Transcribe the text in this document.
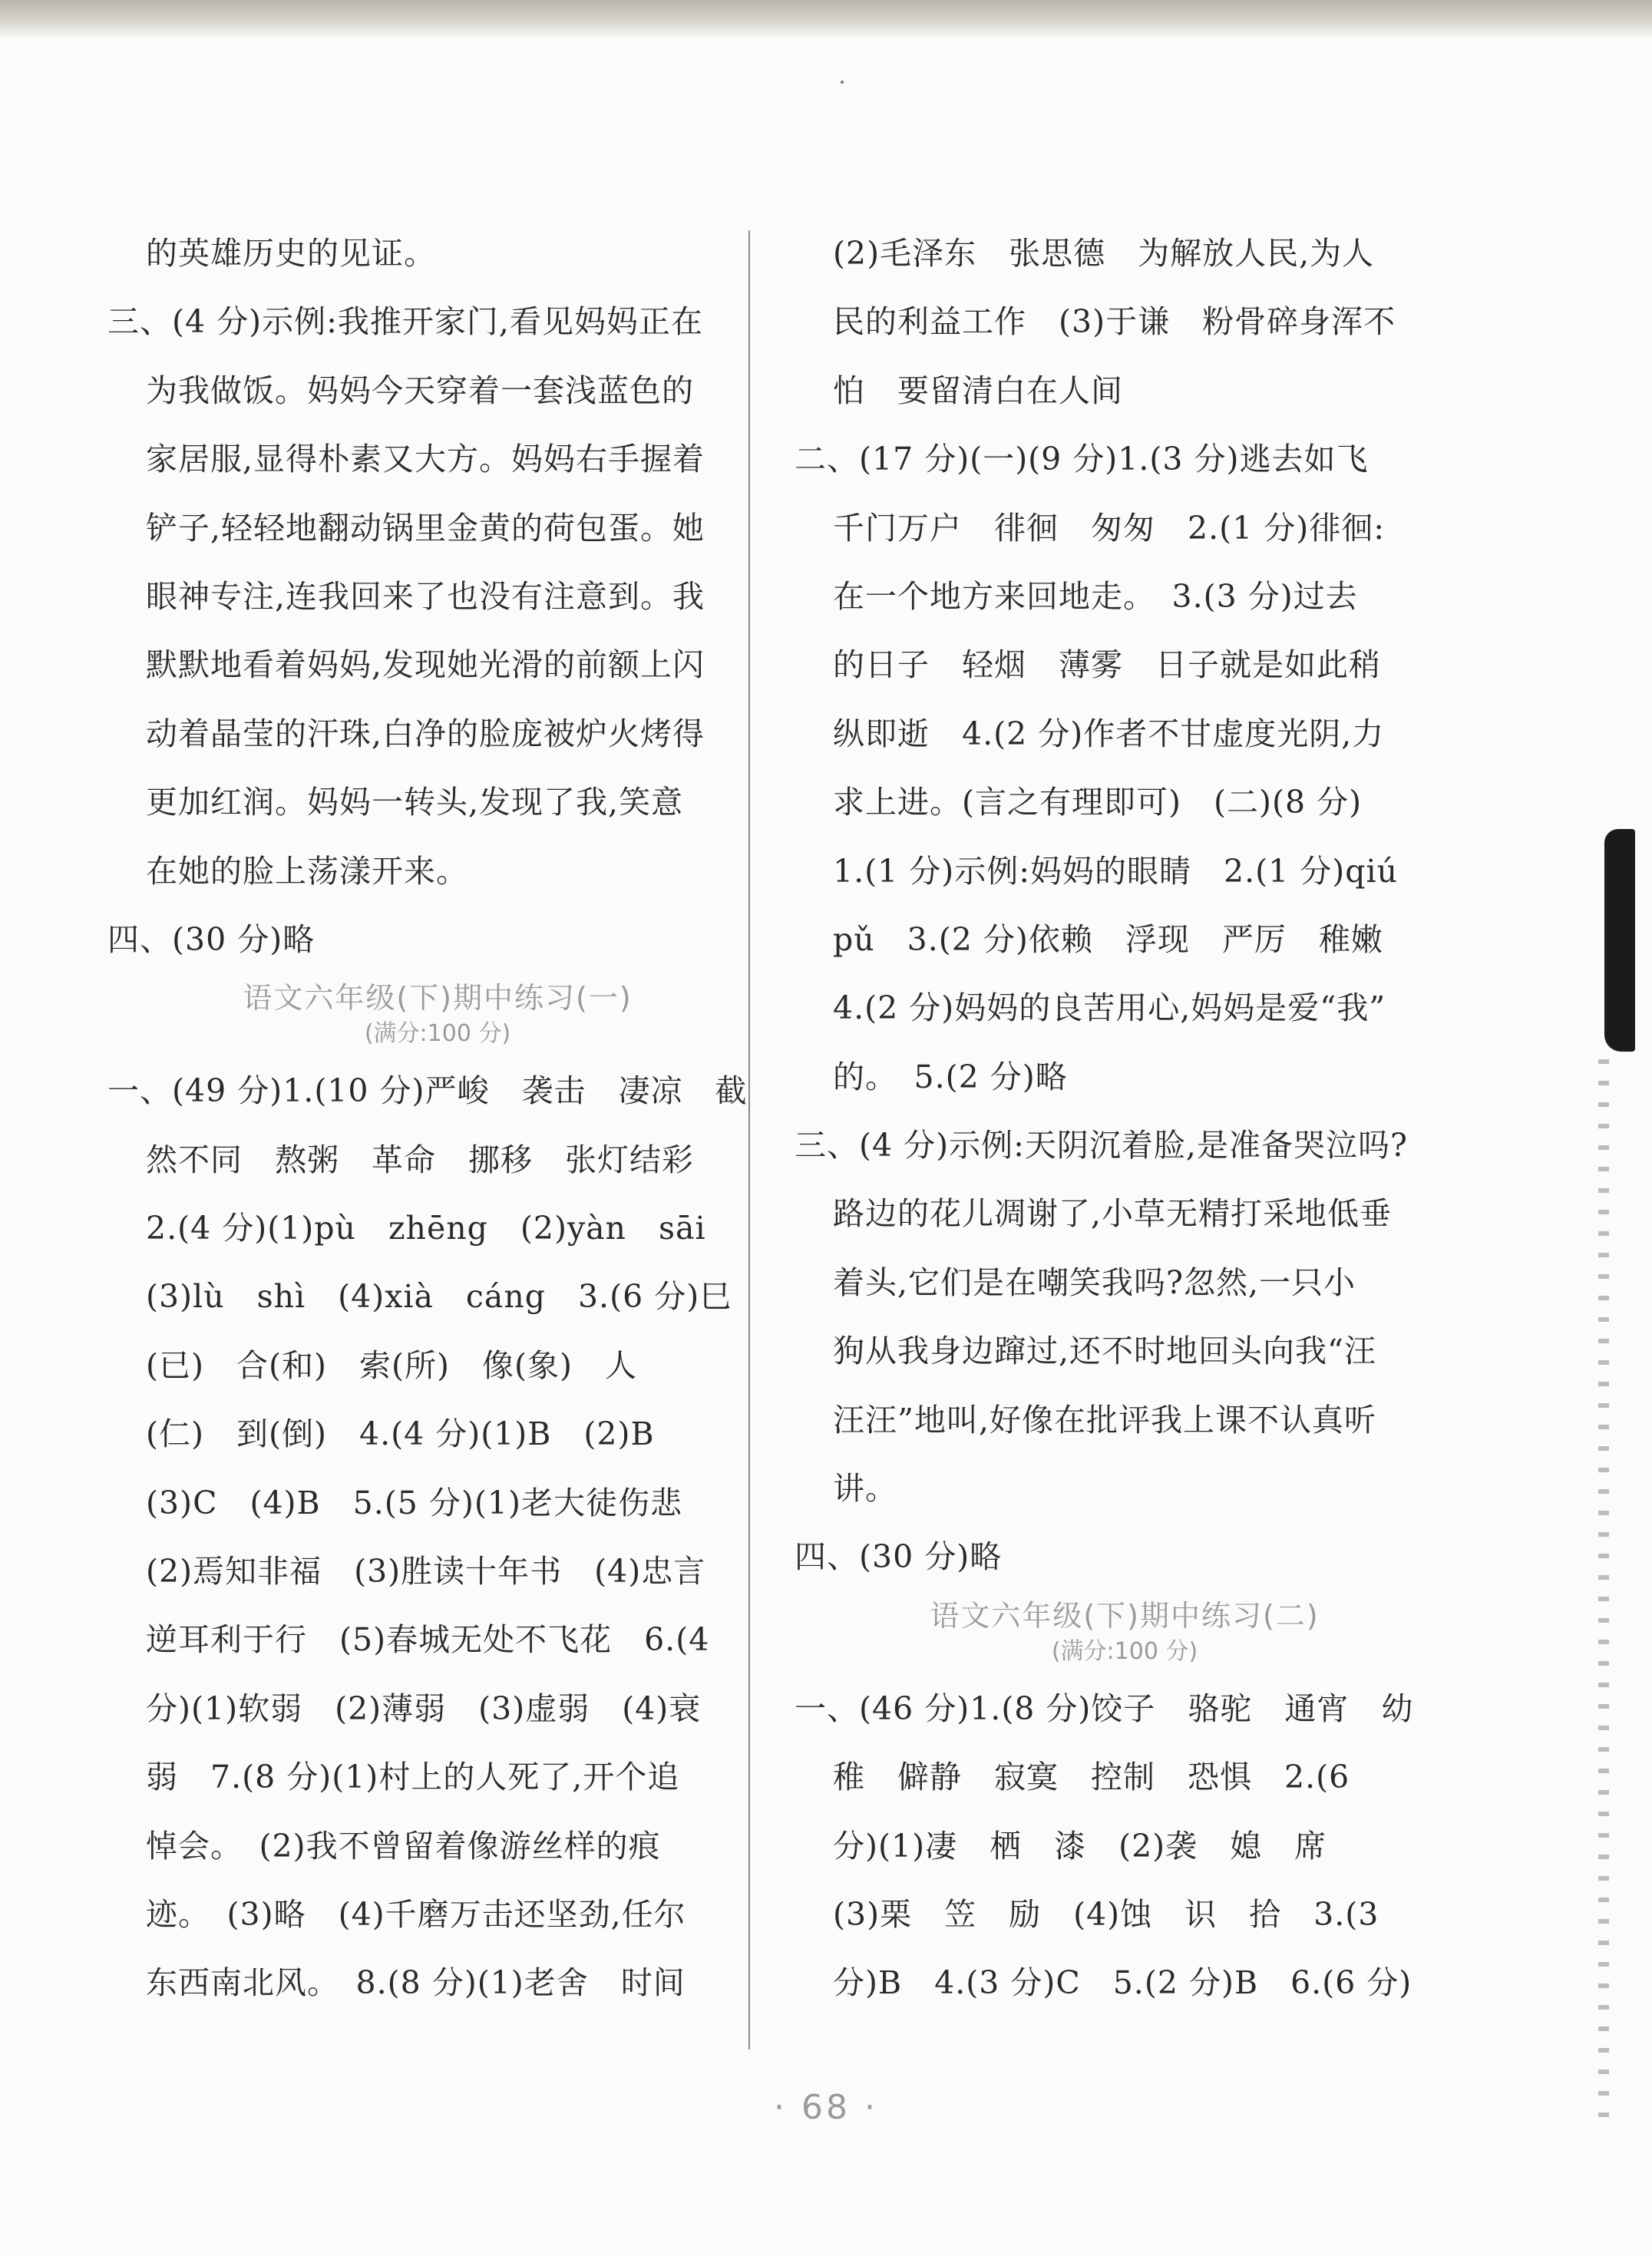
的英雄历史的见证。
三、(4 分)示例:我推开家门,看见妈妈正在
为我做饭。妈妈今天穿着一套浅蓝色的
家居服,显得朴素又大方。妈妈右手握着
铲子,轻轻地翻动锅里金黄的荷包蛋。她
眼神专注,连我回来了也没有注意到。我
默默地看着妈妈,发现她光滑的前额上闪
动着晶莹的汗珠,白净的脸庞被炉火烤得
更加红润。妈妈一转头,发现了我,笑意
在她的脸上荡漾开来。
四、(30 分)略
语文六年级(下)期中练习(一)
(满分:100 分)
一、(49 分)1.(10 分)严峻　袭击　凄凉　截
然不同　熬粥　革命　挪移　张灯结彩
2.(4 分)(1)pù　zhēng　(2)yàn　sāi
(3)lù　shì　(4)xià　cáng　3.(6 分)巳
(已)　合(和)　索(所)　像(象)　人
(仁)　到(倒)　4.(4 分)(1)B　(2)B
(3)C　(4)B　5.(5 分)(1)老大徒伤悲
(2)焉知非福　(3)胜读十年书　(4)忠言
逆耳利于行　(5)春城无处不飞花　6.(4
分)(1)软弱　(2)薄弱　(3)虚弱　(4)衰
弱　7.(8 分)(1)村上的人死了,开个追
悼会。　(2)我不曾留着像游丝样的痕
迹。　(3)略　(4)千磨万击还坚劲,任尔
东西南北风。　8.(8 分)(1)老舍　时间
(2)毛泽东　张思德　为解放人民,为人
民的利益工作　(3)于谦　粉骨碎身浑不
怕　要留清白在人间
二、(17 分)(一)(9 分)1.(3 分)逃去如飞
千门万户　徘徊　匆匆　2.(1 分)徘徊:
在一个地方来回地走。　3.(3 分)过去
的日子　轻烟　薄雾　日子就是如此稍
纵即逝　4.(2 分)作者不甘虚度光阴,力
求上进。(言之有理即可)　(二)(8 分)
1.(1 分)示例:妈妈的眼睛　2.(1 分)qiú
pǔ　3.(2 分)依赖　浮现　严厉　稚嫩
4.(2 分)妈妈的良苦用心,妈妈是爱“我”
的。　5.(2 分)略
三、(4 分)示例:天阴沉着脸,是准备哭泣吗?
路边的花儿凋谢了,小草无精打采地低垂
着头,它们是在嘲笑我吗?忽然,一只小
狗从我身边蹿过,还不时地回头向我“汪
汪汪”地叫,好像在批评我上课不认真听
讲。
四、(30 分)略
语文六年级(下)期中练习(二)
(满分:100 分)
一、(46 分)1.(8 分)饺子　骆驼　通宵　幼
稚　僻静　寂寞　控制　恐惧　2.(6
分)(1)凄　栖　漆　(2)袭　媳　席
(3)栗　笠　励　(4)蚀　识　拾　3.(3
分)B　4.(3 分)C　5.(2 分)B　6.(6 分)
· 68 ·
